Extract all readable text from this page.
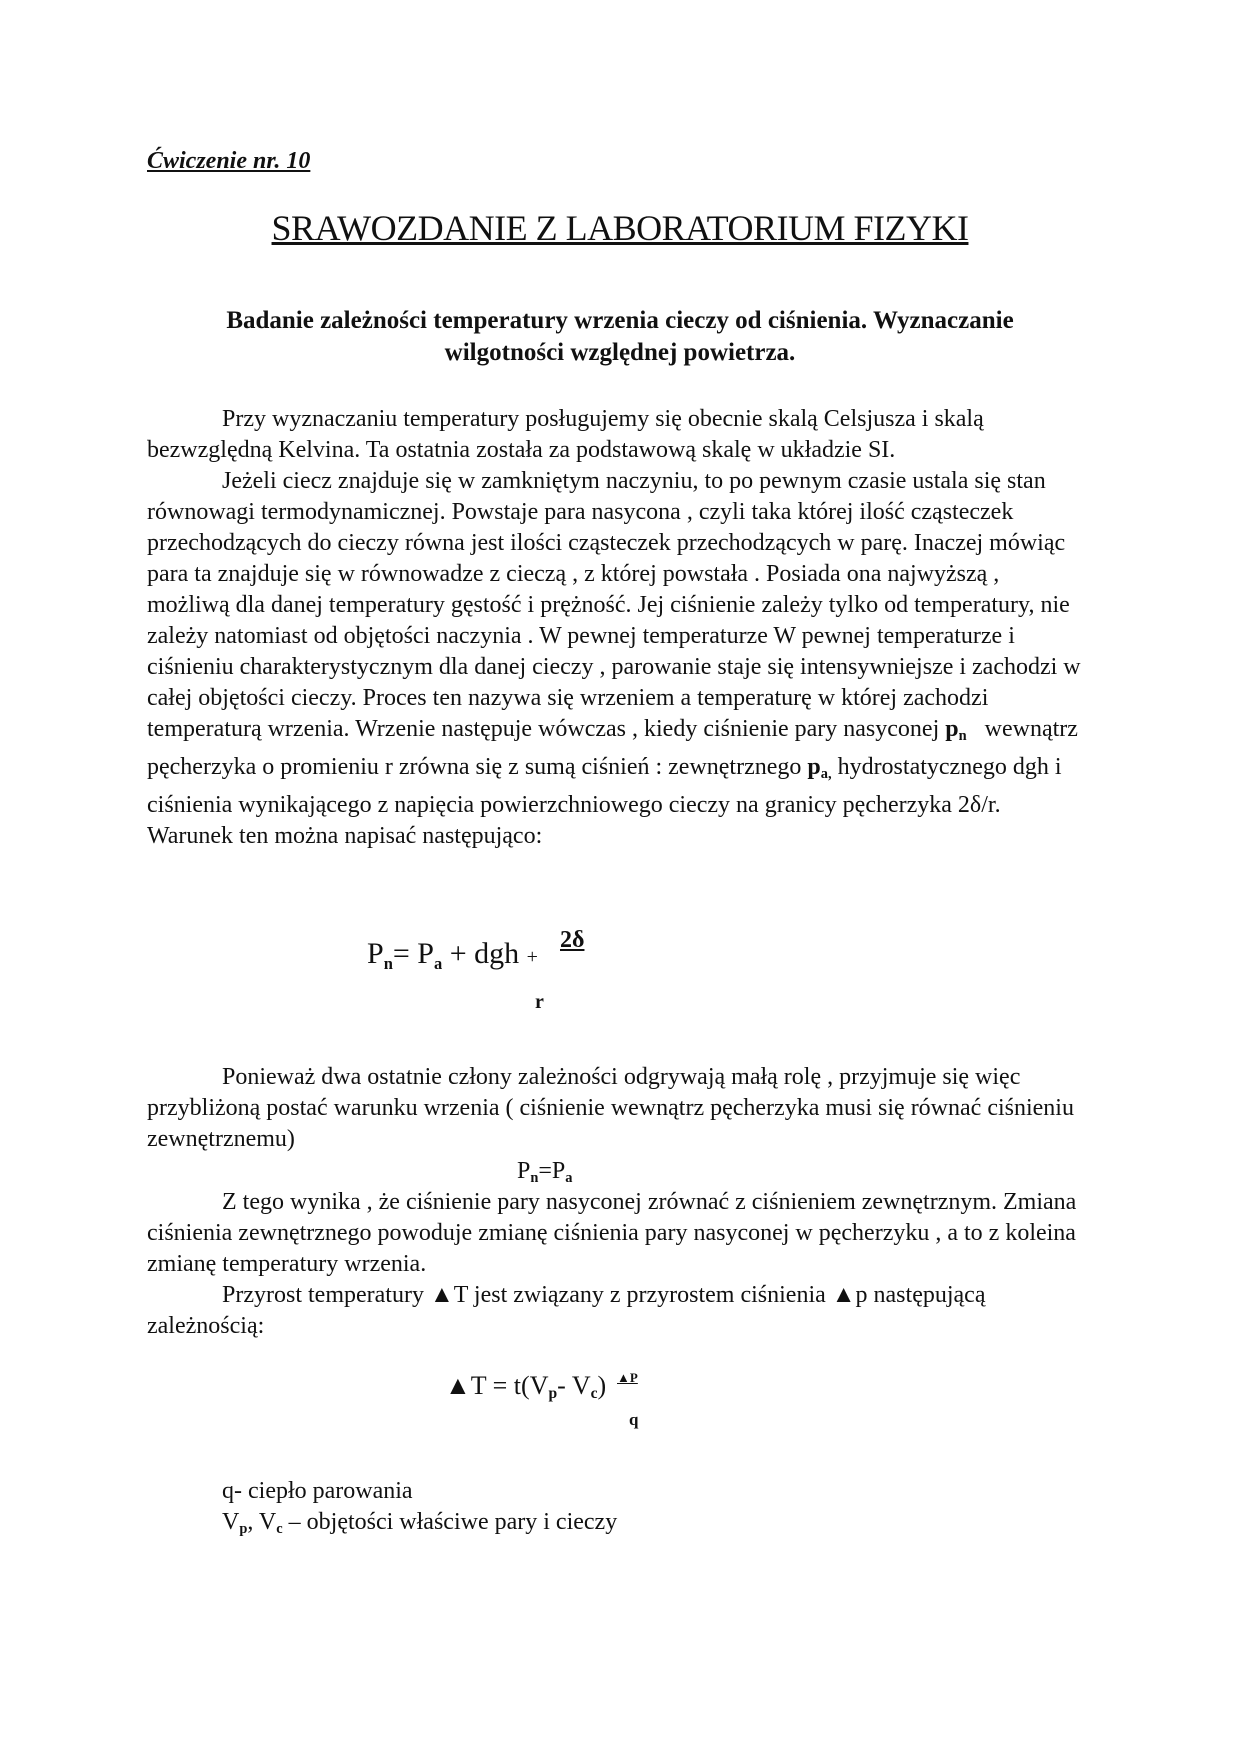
Ćwiczenie nr. 10
SRAWOZDANIE Z LABORATORIUM FIZYKI
Badanie zależności temperatury wrzenia cieczy od ciśnienia. Wyznaczanie
wilgotności względnej powietrza.

Przy wyznaczaniu temperatury posługujemy się obecnie skalą Celsjusza i skalą bezwzględną Kelvina. Ta ostatnia została za podstawową skalę w układzie SI.

Jeżeli ciecz znajduje się w zamkniętym naczyniu, to po pewnym czasie ustala się stan równowagi termodynamicznej. Powstaje para nasycona , czyli taka której ilość cząsteczek przechodzących do cieczy równa jest ilości cząsteczek przechodzących w parę. Inaczej mówiąc para ta znajduje się w równowadze z cieczą , z której powstała . Posiada ona najwyższą , możliwą dla danej temperatury gęstość i prężność. Jej ciśnienie zależy tylko od temperatury, nie zależy natomiast od objętości naczynia . W pewnej temperaturze W pewnej temperaturze i ciśnieniu charakterystycznym dla danej cieczy , parowanie staje się intensywniejsze i zachodzi w całej objętości cieczy. Proces ten nazywa się wrzeniem a temperaturę w której zachodzi temperaturą wrzenia. Wrzenie następuje wówczas , kiedy ciśnienie pary nasyconej $p_n$ wewnątrz pęcherzyka o promieniu r zrówna się z sumą ciśnień : zewnętrznego $p_{a,}$ hydrostatycznego dgh i ciśnienia wynikającego z napięcia powierzchniowego cieczy na granicy pęcherzyka 2δ/r. Warunek ten można napisać następująco:

$P_n= P_a$ + dgh +
2δ
r

Ponieważ dwa ostatnie człony zależności odgrywają małą rolę , przyjmuje się więc przybliżoną postać warunku wrzenia ( ciśnienie wewnątrz pęcherzyka musi się równać ciśnieniu zewnętrznemu)

$P_n=P_a$

Z tego wynika , że ciśnienie pary nasyconej zrównać z ciśnieniem zewnętrznym. Zmiana ciśnienia zewnętrznego powoduje zmianę ciśnienia pary nasyconej w pęcherzyku , a to z koleina zmianę temperatury wrzenia.

Przyrost temperatury ▲T jest związany z przyrostem ciśnienia ▲p następującą zależnością:

▲T = $t(V_p-$ $V_c$) ▲P
q

q- ciepło parowania

$V_p$, $V_c$ – objętości właściwe pary i cieczy
